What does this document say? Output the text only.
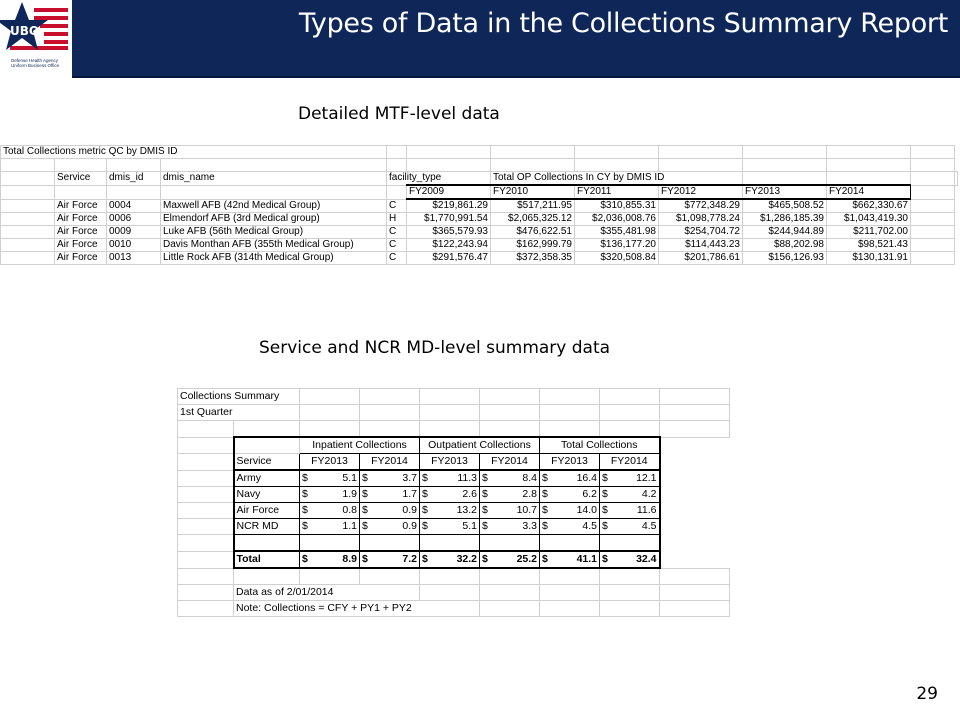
UBO
Defense Health Agency Uniform Business Office
Types of Data in the Collections Summary Report
Detailed MTF-level data
Total Collections metric QC by DMIS ID												

	Service	dmis_id	dmis_name	facility_type		Total OP Collections In CY by DMIS ID						
					FY2009	FY2010	FY2011	FY2012	FY2013	FY2014		
	Air Force	0004	Maxwell AFB (42nd Medical Group)	C	$219,861.29	$517,211.95	$310,855.31	$772,348.29	$465,508.52	$662,330.67		
	Air Force	0006	Elmendorf AFB (3rd Medical group)	H	$1,770,991.54	$2,065,325.12	$2,036,008.76	$1,098,778.24	$1,286,185.39	$1,043,419.30		
	Air Force	0009	Luke AFB (56th Medical Group)	C	$365,579.93	$476,622.51	$355,481.98	$254,704.72	$244,944.89	$211,702.00		
	Air Force	0010	Davis Monthan AFB (355th Medical Group)	C	$122,243.94	$162,999.79	$136,177.20	$114,443.23	$88,202.98	$98,521.43		
	Air Force	0013	Little Rock AFB (314th Medical Group)	C	$291,576.47	$372,358.35	$320,508.84	$201,786.61	$156,126.93	$130,131.91		
Service and NCR MD-level summary data
Collections Summary								
1st Quarter								

		Inpatient Collections		Outpatient Collections		Total Collections		
	Service	FY2013	FY2014	FY2013	FY2014	FY2013	FY2014	
	Army	$ 5.1	$ 3.7	$ 11.3	$ 8.4	$ 16.4	$ 12.1	
	Navy	$ 1.9	$ 1.7	$ 2.6	$ 2.8	$ 6.2	$ 4.2	
	Air Force	$ 0.8	$ 0.9	$ 13.2	$ 10.7	$ 14.0	$ 11.6	
	NCR MD	$ 1.1	$ 0.9	$ 5.1	$ 3.3	$ 4.5	$ 4.5	

	Total	$ 8.9	$ 7.2	$ 32.2	$ 25.2	$ 41.1	$ 32.4	

	Data as of 2/01/2014							
	Note: Collections = CFY + PY1 + PY2							
29
